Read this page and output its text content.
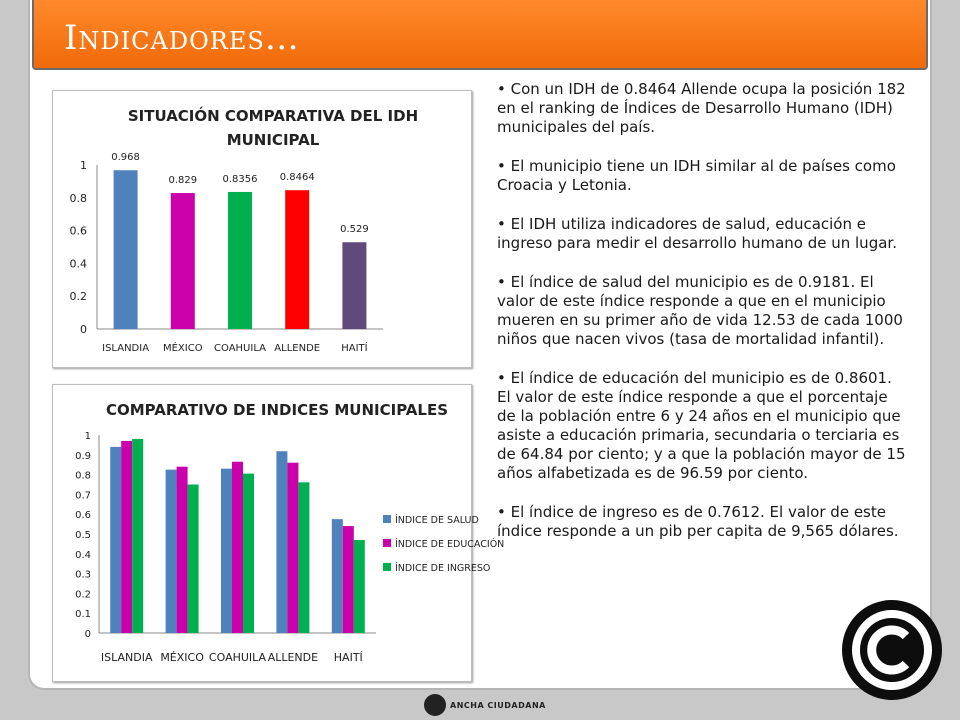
Indicadores…
SITUACIÓN COMPARATIVA DEL IDH
MUNICIPAL
0
0.2
0.4
0.6
0.8
1
0.968
ISLANDIA
0.829
MÉXICO
0.8356
COAHUILA
0.8464
ALLENDE
0.529
HAITÍ
COMPARATIVO DE INDICES MUNICIPALES
0
0.1
0.2
0.3
0.4
0.5
0.6
0.7
0.8
0.9
1
ISLANDIA MÉXICO COAHUILA ALLENDE HAITÍ
ÍNDICE DE SALUD
ÍNDICE DE EDUCACIÓN
ÍNDICE DE INGRESO
• Con un IDH de 0.8464 Allende ocupa la posición 182 en el ranking de Índices de Desarrollo Humano (IDH) municipales del país.
• El municipio tiene un IDH similar al de países como Croacia y Letonia.
• El IDH utiliza indicadores de salud, educación e ingreso para medir el desarrollo humano de un lugar.
• El índice de salud del municipio es de 0.9181. El valor de este índice responde a que en el municipio mueren en su primer año de vida 12.53 de cada 1000 niños que nacen vivos (tasa de mortalidad infantil).
• El índice de educación del municipio es de 0.8601. El valor de este índice responde a que el porcentaje de la población entre 6 y 24 años en el municipio que asiste a educación primaria, secundaria o terciaria es de 64.84 por ciento; y a que la población mayor de 15 años alfabetizada es de 96.59 por ciento.
• El índice de ingreso es de 0.7612. El valor de este índice responde a un pib per capita de 9,565 dólares.
ANCHA CIUDADANA
